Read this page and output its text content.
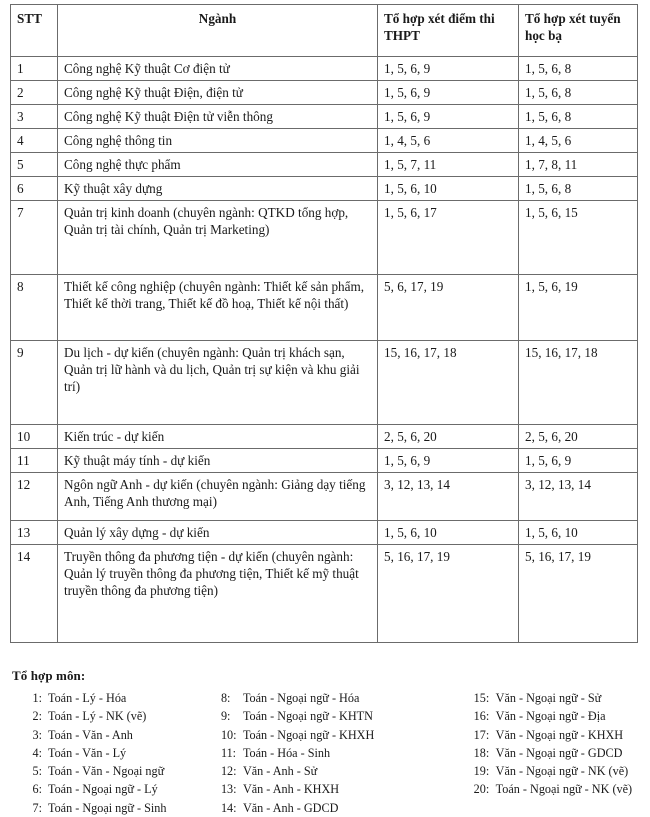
STT	Ngành	Tổ hợp xét điểm thi THPT	Tổ hợp xét tuyển học bạ
1	Công nghệ Kỹ thuật Cơ điện tử	1, 5, 6, 9	1, 5, 6, 8
2	Công nghệ Kỹ thuật Điện, điện tử	1, 5, 6, 9	1, 5, 6, 8
3	Công nghệ Kỹ thuật Điện tử viễn thông	1, 5, 6, 9	1, 5, 6, 8
4	Công nghệ thông tin	1, 4, 5, 6	1, 4, 5, 6
5	Công nghệ thực phẩm	1, 5, 7, 11	1, 7, 8, 11
6	Kỹ thuật xây dựng	1, 5, 6, 10	1, 5, 6, 8
7	Quản trị kinh doanh (chuyên ngành: QTKD tổng hợp, Quản trị tài chính, Quản trị Marketing)	1, 5, 6, 17	1, 5, 6, 15
8	Thiết kế công nghiệp (chuyên ngành: Thiết kế sản phẩm, Thiết kế thời trang, Thiết kế đồ hoạ, Thiết kế nội thất)	5, 6, 17, 19	1, 5, 6, 19
9	Du lịch - dự kiến (chuyên ngành: Quản trị khách sạn, Quản trị lữ hành và du lịch, Quản trị sự kiện và khu giải trí)	15, 16, 17, 18	15, 16, 17, 18
10	Kiến trúc - dự kiến	2, 5, 6, 20	2, 5, 6, 20
11	Kỹ thuật máy tính - dự kiến	1, 5, 6, 9	1, 5, 6, 9
12	Ngôn ngữ Anh - dự kiến (chuyên ngành: Giảng dạy tiếng Anh, Tiếng Anh thương mại)	3, 12, 13, 14	3, 12, 13, 14
13	Quản lý xây dựng - dự kiến	1, 5, 6, 10	1, 5, 6, 10
14	Truyền thông đa phương tiện - dự kiến (chuyên ngành: Quản lý truyền thông đa phương tiện, Thiết kế mỹ thuật truyền thông đa phương tiện)	5, 16, 17, 19	5, 16, 17, 19
Tổ hợp môn:
1: Toán - Lý - Hóa
2: Toán - Lý - NK (vẽ)
3: Toán - Văn - Anh
4: Toán - Văn - Lý
5: Toán - Văn - Ngoại ngữ
6: Toán - Ngoại ngữ - Lý
7: Toán - Ngoại ngữ - Sinh
8:	Toán - Ngoại ngữ - Hóa
9:	Toán - Ngoại ngữ - KHTN
10: Toán - Ngoại ngữ - KHXH
11: Toán - Hóa - Sinh
12: Văn - Anh - Sử
13: Văn - Anh - KHXH
14: Văn - Anh - GDCD
15: Văn - Ngoại ngữ - Sử
16: Văn - Ngoại ngữ - Địa
17: Văn - Ngoại ngữ - KHXH
18: Văn - Ngoại ngữ - GDCD
19: Văn - Ngoại ngữ - NK (vẽ)
20: Toán - Ngoại ngữ - NK (vẽ)
